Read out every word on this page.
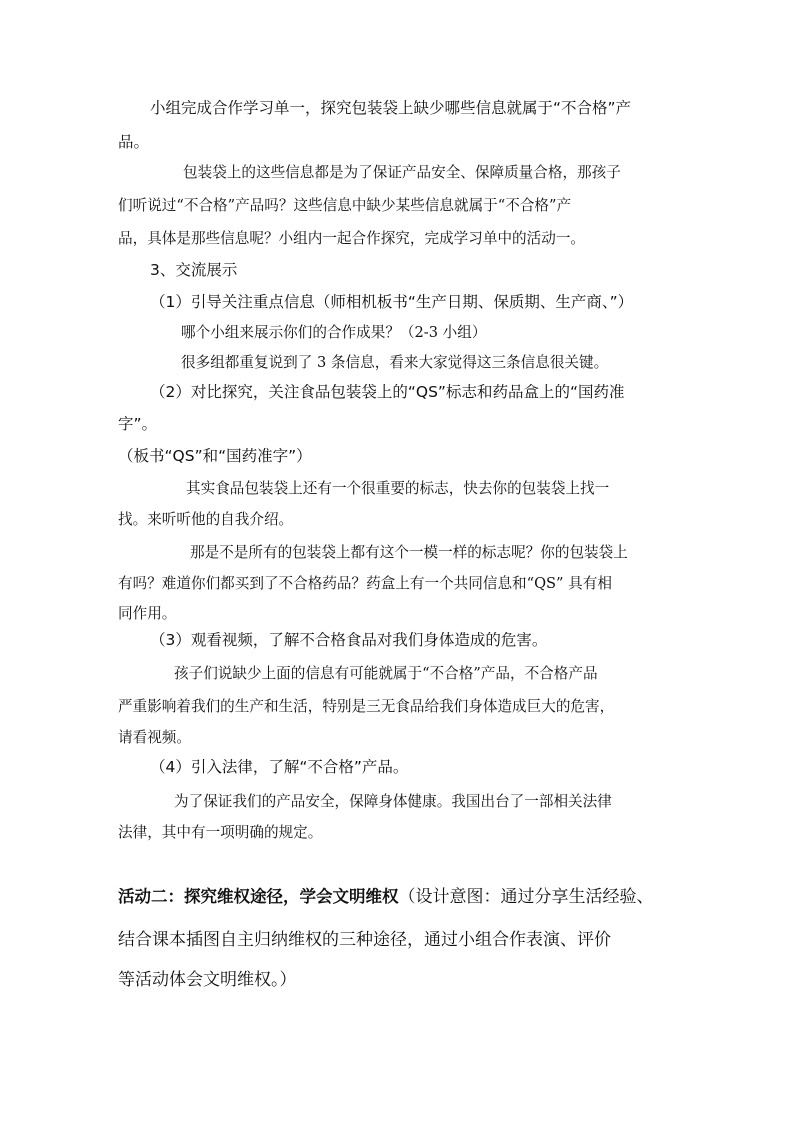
小组完成合作学习单一，探究包装袋上缺少哪些信息就属于“不合格”产
品。
包装袋上的这些信息都是为了保证产品安全、保障质量合格，那孩子
们听说过“不合格”产品吗？这些信息中缺少某些信息就属于“不合格”产
品，具体是那些信息呢？小组内一起合作探究，完成学习单中的活动一。
3、交流展示
（1）引导关注重点信息（师相机板书“生产日期、保质期、生产商、”）
哪个小组来展示你们的合作成果？（2-3 小组）
很多组都重复说到了 3 条信息，看来大家觉得这三条信息很关键。
（2）对比探究，关注食品包装袋上的“QS”标志和药品盒上的“国药准
字”。
（板书“QS”和“国药准字”）
其实食品包装袋上还有一个很重要的标志，快去你的包装袋上找一
找。来听听他的自我介绍。
那是不是所有的包装袋上都有这个一模一样的标志呢？你的包装袋上
有吗？难道你们都买到了不合格药品？药盒上有一个共同信息和“QS” 具有相
同作用。
（3）观看视频，了解不合格食品对我们身体造成的危害。
孩子们说缺少上面的信息有可能就属于“不合格”产品，不合格产品
严重影响着我们的生产和生活，特别是三无食品给我们身体造成巨大的危害，
请看视频。
（4）引入法律，了解“不合格”产品。
为了保证我们的产品安全，保障身体健康。我国出台了一部相关法律
法律，其中有一项明确的规定。
活动二：探究维权途径，学会文明维权（设计意图：通过分享生活经验、
结合课本插图自主归纳维权的三种途径，通过小组合作表演、评价
等活动体会文明维权。）
